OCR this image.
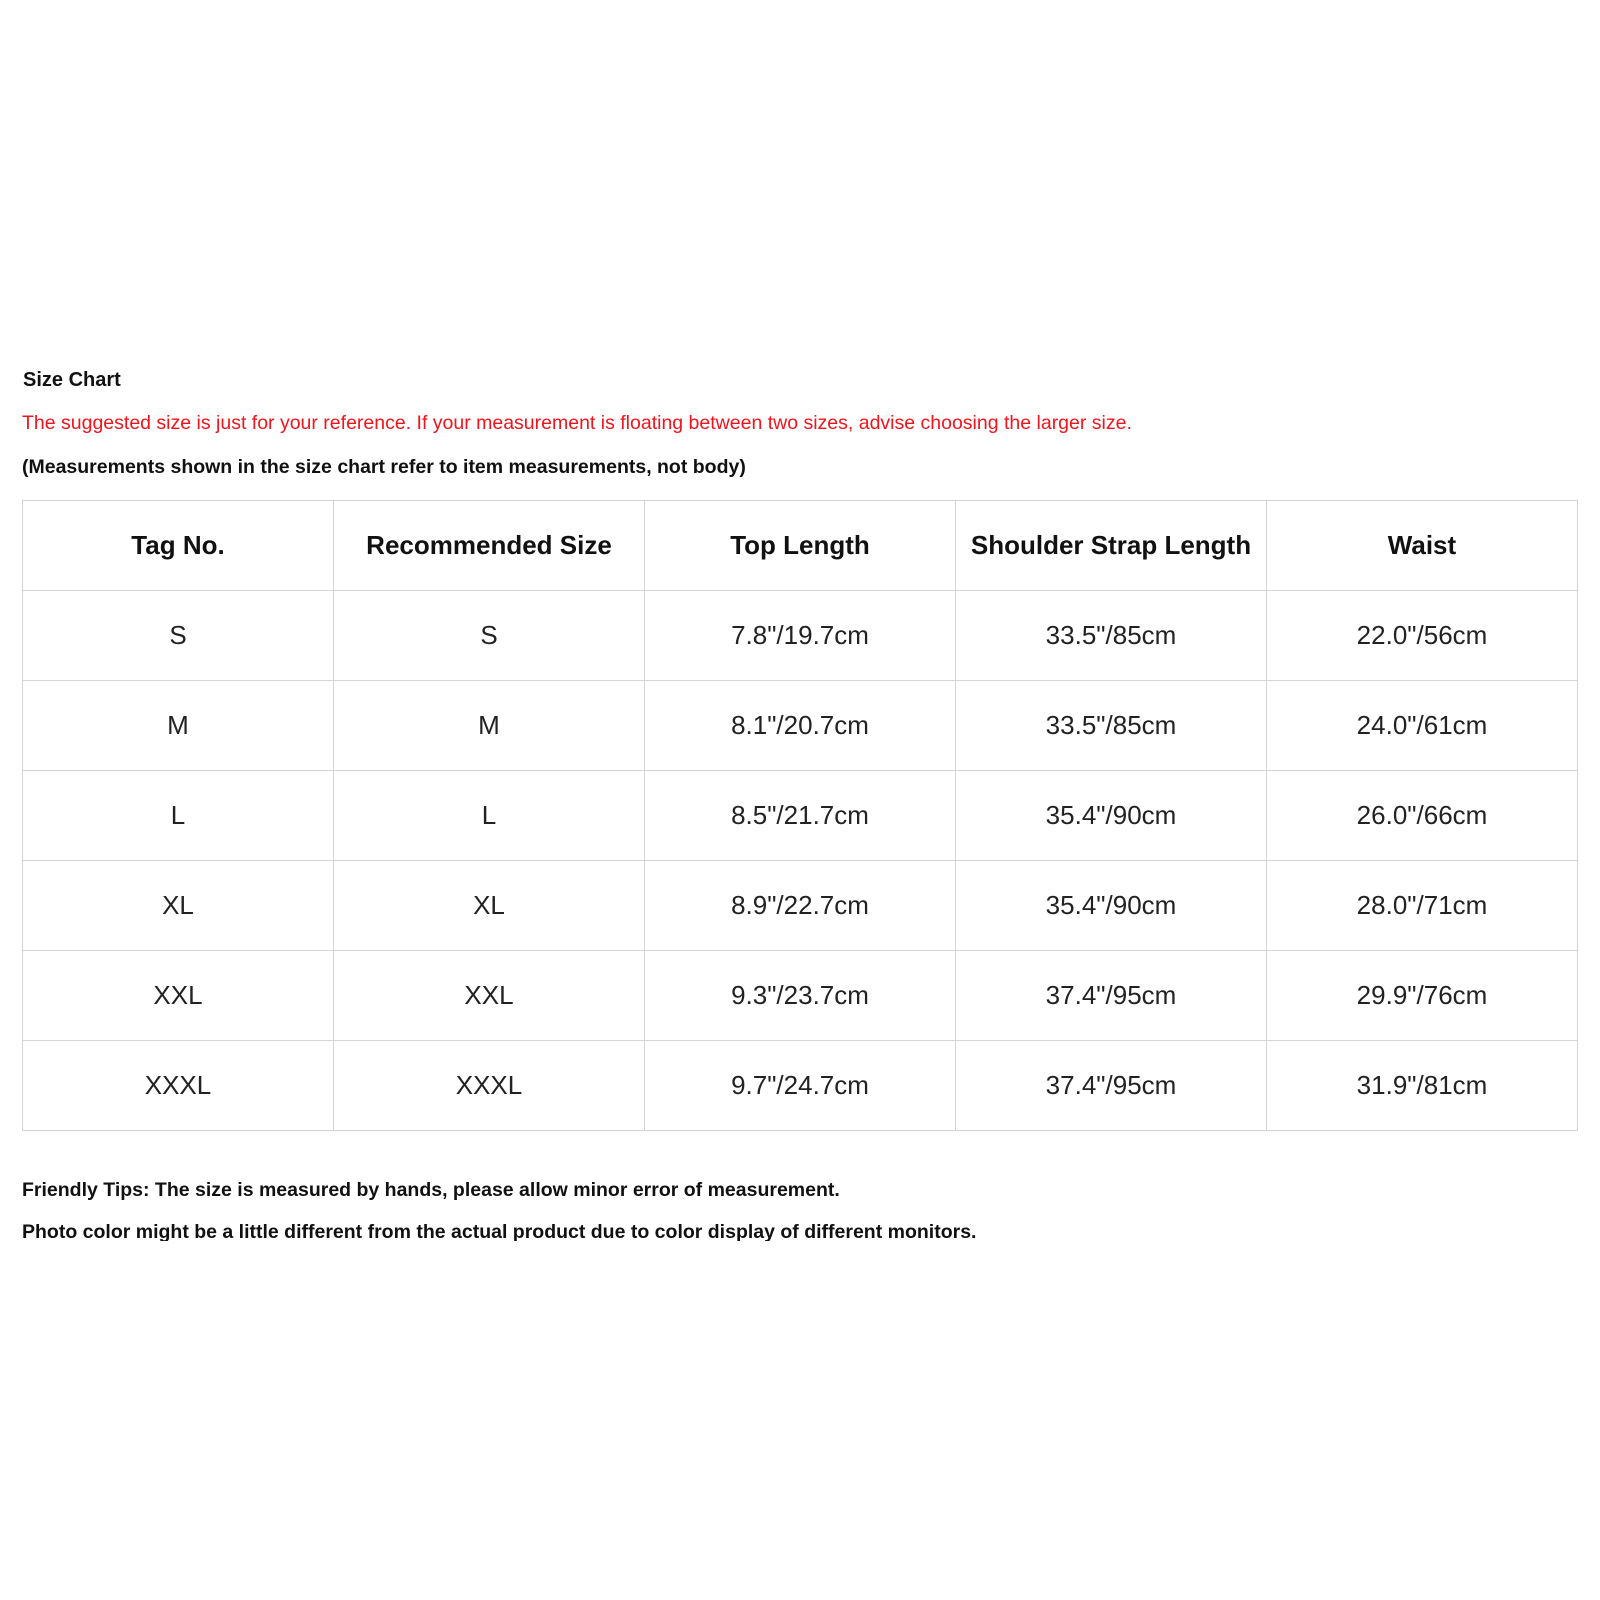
Size Chart
The suggested size is just for your reference. If your measurement is floating between two sizes, advise choosing the larger size.
(Measurements shown in the size chart refer to item measurements, not body)
Tag No.	Recommended Size	Top Length	Shoulder Strap Length	Waist
S	S	7.8"/19.7cm	33.5"/85cm	22.0"/56cm
M	M	8.1"/20.7cm	33.5"/85cm	24.0"/61cm
L	L	8.5"/21.7cm	35.4"/90cm	26.0"/66cm
XL	XL	8.9"/22.7cm	35.4"/90cm	28.0"/71cm
XXL	XXL	9.3"/23.7cm	37.4"/95cm	29.9"/76cm
XXXL	XXXL	9.7"/24.7cm	37.4"/95cm	31.9"/81cm
Friendly Tips: The size is measured by hands, please allow minor error of measurement.
Photo color might be a little different from the actual product due to color display of different monitors.
